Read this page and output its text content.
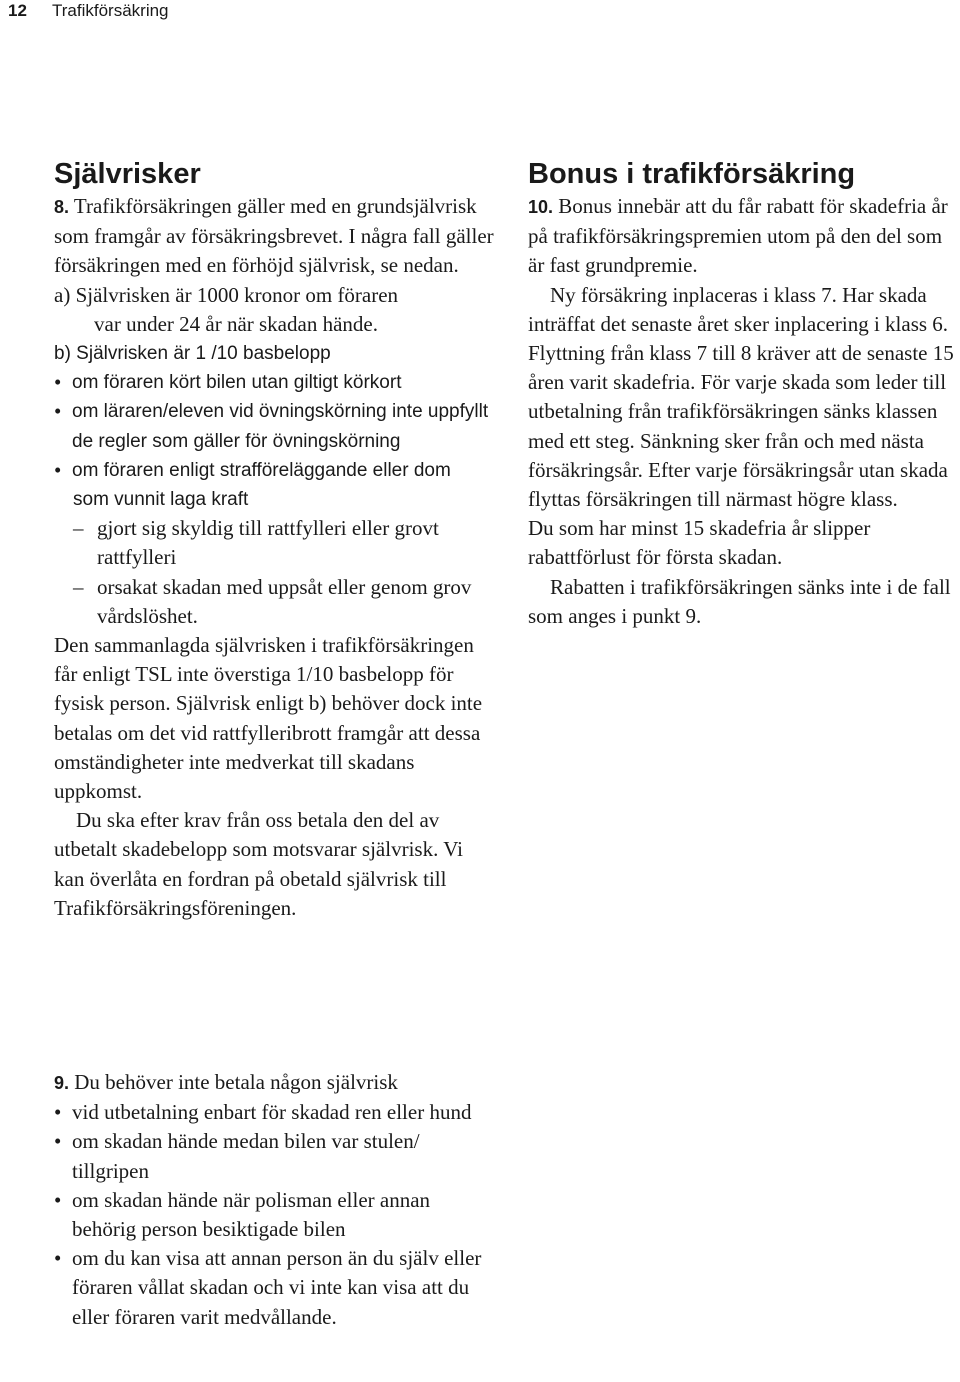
12 Trafikförsäkring
Självrisker

8. Trafikförsäkringen gäller med en grundsjälvrisk som framgår av försäkringsbrevet. I några fall gäller försäkringen med en förhöjd självrisk, se nedan.

a) Självrisken är 1000 kronor om föraren

var under 24 år när skadan hände.

b) Självrisken är 1 /10 basbelopp

• om föraren kört bilen utan giltigt körkort

• om läraren/eleven vid övningskörning inte uppfyllt de regler som gäller för övningskörning

• om föraren enligt strafföreläggande eller dom

som vunnit laga kraft

– gjort sig skyldig till rattfylleri eller grovt rattfylleri

– orsakat skadan med uppsåt eller genom grov vårdslöshet.

Den sammanlagda självrisken i trafikförsäkringen får enligt TSL inte överstiga 1/10 basbelopp för fysisk person. Självrisk enligt b) behöver dock inte betalas om det vid rattfylleribrott framgår att dessa omständigheter inte medverkat till skadans uppkomst.

Du ska efter krav från oss betala den del av utbetalt skadebelopp som motsvarar självrisk. Vi kan överlåta en fordran på obetald självrisk till Trafikförsäkringsföreningen.

9. Du behöver inte betala någon självrisk

• vid utbetalning enbart för skadad ren eller hund

• om skadan hände medan bilen var stulen/ tillgripen

• om skadan hände när polisman eller annan behörig person besiktigade bilen

• om du kan visa att annan person än du själv eller föraren vållat skadan och vi inte kan visa att du eller föraren varit medvållande.

Bonus i trafikförsäkring

10. Bonus innebär att du får rabatt för skadefria år på trafikförsäkringspremien utom på den del som är fast grundpremie.

Ny försäkring inplaceras i klass 7. Har skada inträffat det senaste året sker inplacering i klass 6. Flyttning från klass 7 till 8 kräver att de senaste 15 åren varit skadefria. För varje skada som leder till utbetalning från trafikförsäkringen sänks klassen med ett steg. Sänkning sker från och med nästa försäkringsår. Efter varje försäkringsår utan skada flyttas försäkringen till närmast högre klass.

Du som har minst 15 skadefria år slipper rabattförlust för första skadan.

Rabatten i trafikförsäkringen sänks inte i de fall som anges i punkt 9.
